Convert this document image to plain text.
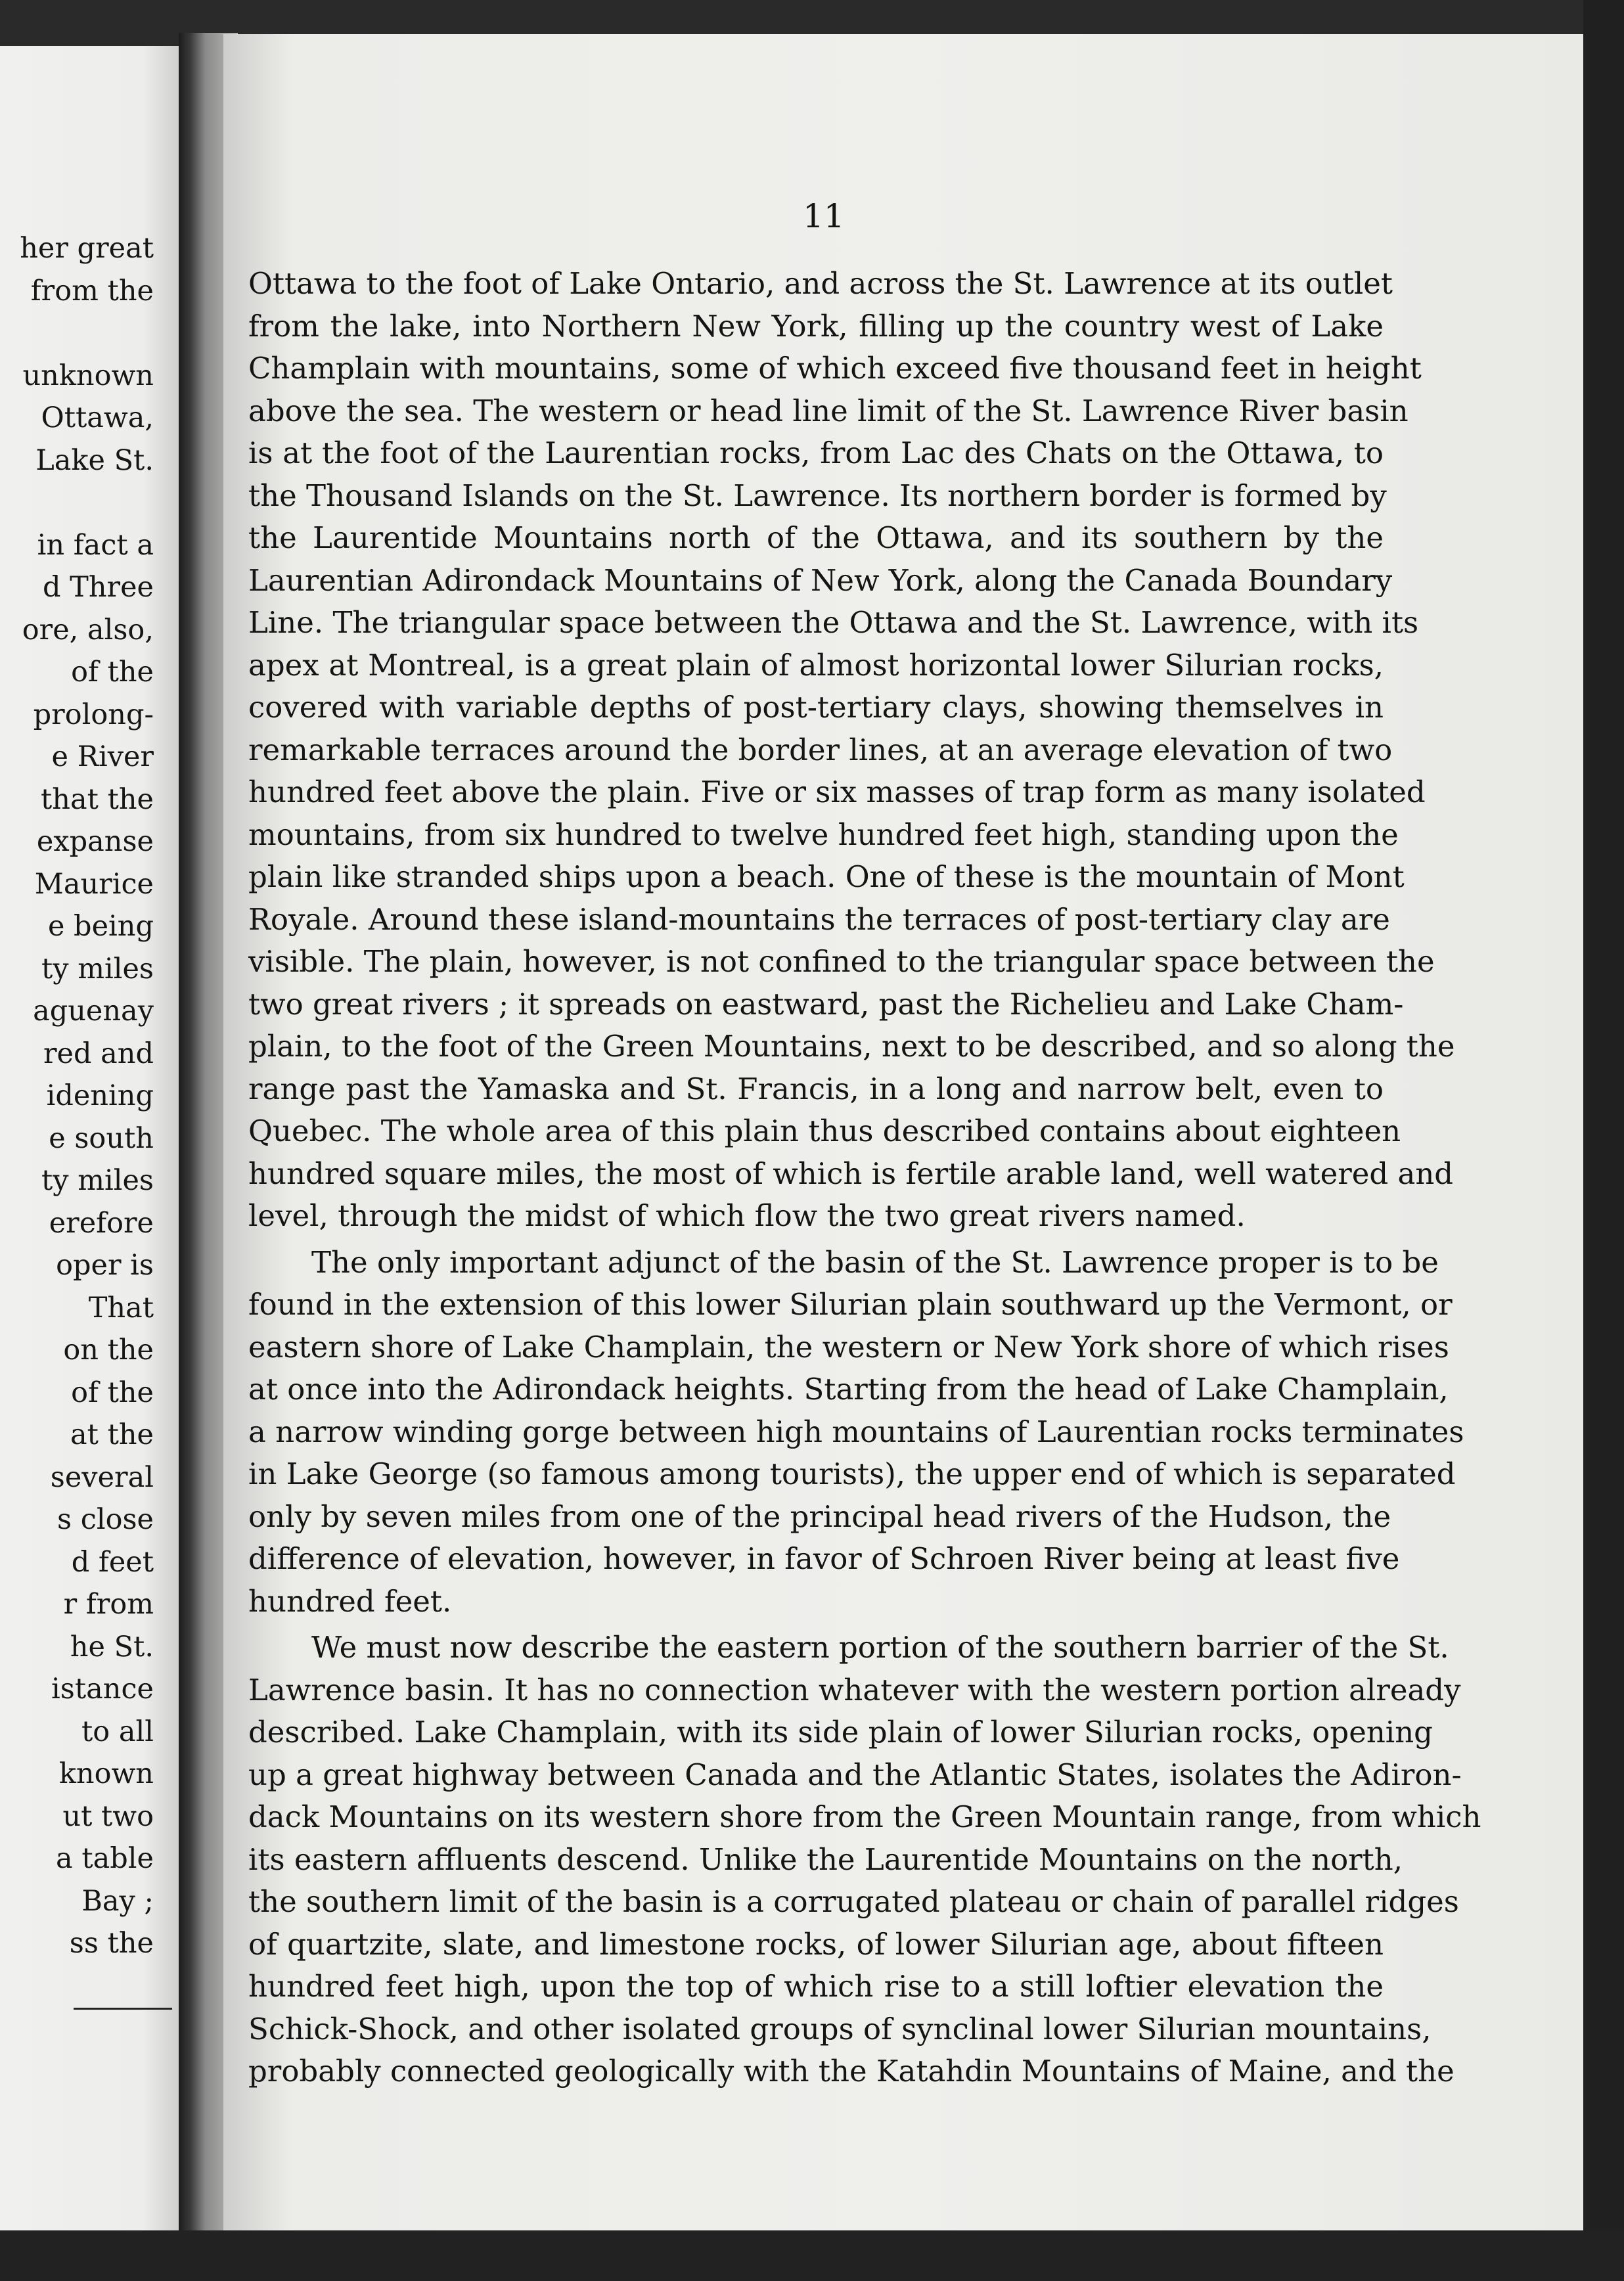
her great
from the
unknown
Ottawa,
Lake St.
in fact a
d Three
ore, also,
of the
prolong-
e River
that the
expanse
Maurice
e being
ty miles
aguenay
red and
idening
e south
ty miles
erefore
oper is
That
on the
of the
at the
several
s close
d feet
r from
he St.
istance
to all
known
ut two
a table
Bay ;
ss the
11
Ottawa to the foot of Lake Ontario, and across the St. Lawrence at its outlet
from the lake, into Northern New York, filling up the country west of Lake
Champlain with mountains, some of which exceed five thousand feet in height
above the sea. The western or head line limit of the St. Lawrence River basin
is at the foot of the Laurentian rocks, from Lac des Chats on the Ottawa, to
the Thousand Islands on the St. Lawrence. Its northern border is formed by
the Laurentide Mountains north of the Ottawa, and its southern by the
Laurentian Adirondack Mountains of New York, along the Canada Boundary
Line. The triangular space between the Ottawa and the St. Lawrence, with its
apex at Montreal, is a great plain of almost horizontal lower Silurian rocks,
covered with variable depths of post-tertiary clays, showing themselves in
remarkable terraces around the border lines, at an average elevation of two
hundred feet above the plain. Five or six masses of trap form as many isolated
mountains, from six hundred to twelve hundred feet high, standing upon the
plain like stranded ships upon a beach. One of these is the mountain of Mont
Royale. Around these island-mountains the terraces of post-tertiary clay are
visible. The plain, however, is not confined to the triangular space between the
two great rivers ; it spreads on eastward, past the Richelieu and Lake Cham-
plain, to the foot of the Green Mountains, next to be described, and so along the
range past the Yamaska and St. Francis, in a long and narrow belt, even to
Quebec. The whole area of this plain thus described contains about eighteen
hundred square miles, the most of which is fertile arable land, well watered and
level, through the midst of which flow the two great rivers named.
The only important adjunct of the basin of the St. Lawrence proper is to be
found in the extension of this lower Silurian plain southward up the Vermont, or
eastern shore of Lake Champlain, the western or New York shore of which rises
at once into the Adirondack heights. Starting from the head of Lake Champlain,
a narrow winding gorge between high mountains of Laurentian rocks terminates
in Lake George (so famous among tourists), the upper end of which is separated
only by seven miles from one of the principal head rivers of the Hudson, the
difference of elevation, however, in favor of Schroen River being at least five
hundred feet.
We must now describe the eastern portion of the southern barrier of the St.
Lawrence basin. It has no connection whatever with the western portion already
described. Lake Champlain, with its side plain of lower Silurian rocks, opening
up a great highway between Canada and the Atlantic States, isolates the Adiron-
dack Mountains on its western shore from the Green Mountain range, from which
its eastern affluents descend. Unlike the Laurentide Mountains on the north,
the southern limit of the basin is a corrugated plateau or chain of parallel ridges
of quartzite, slate, and limestone rocks, of lower Silurian age, about fifteen
hundred feet high, upon the top of which rise to a still loftier elevation the
Schick-Shock, and other isolated groups of synclinal lower Silurian mountains,
probably connected geologically with the Katahdin Mountains of Maine, and the
